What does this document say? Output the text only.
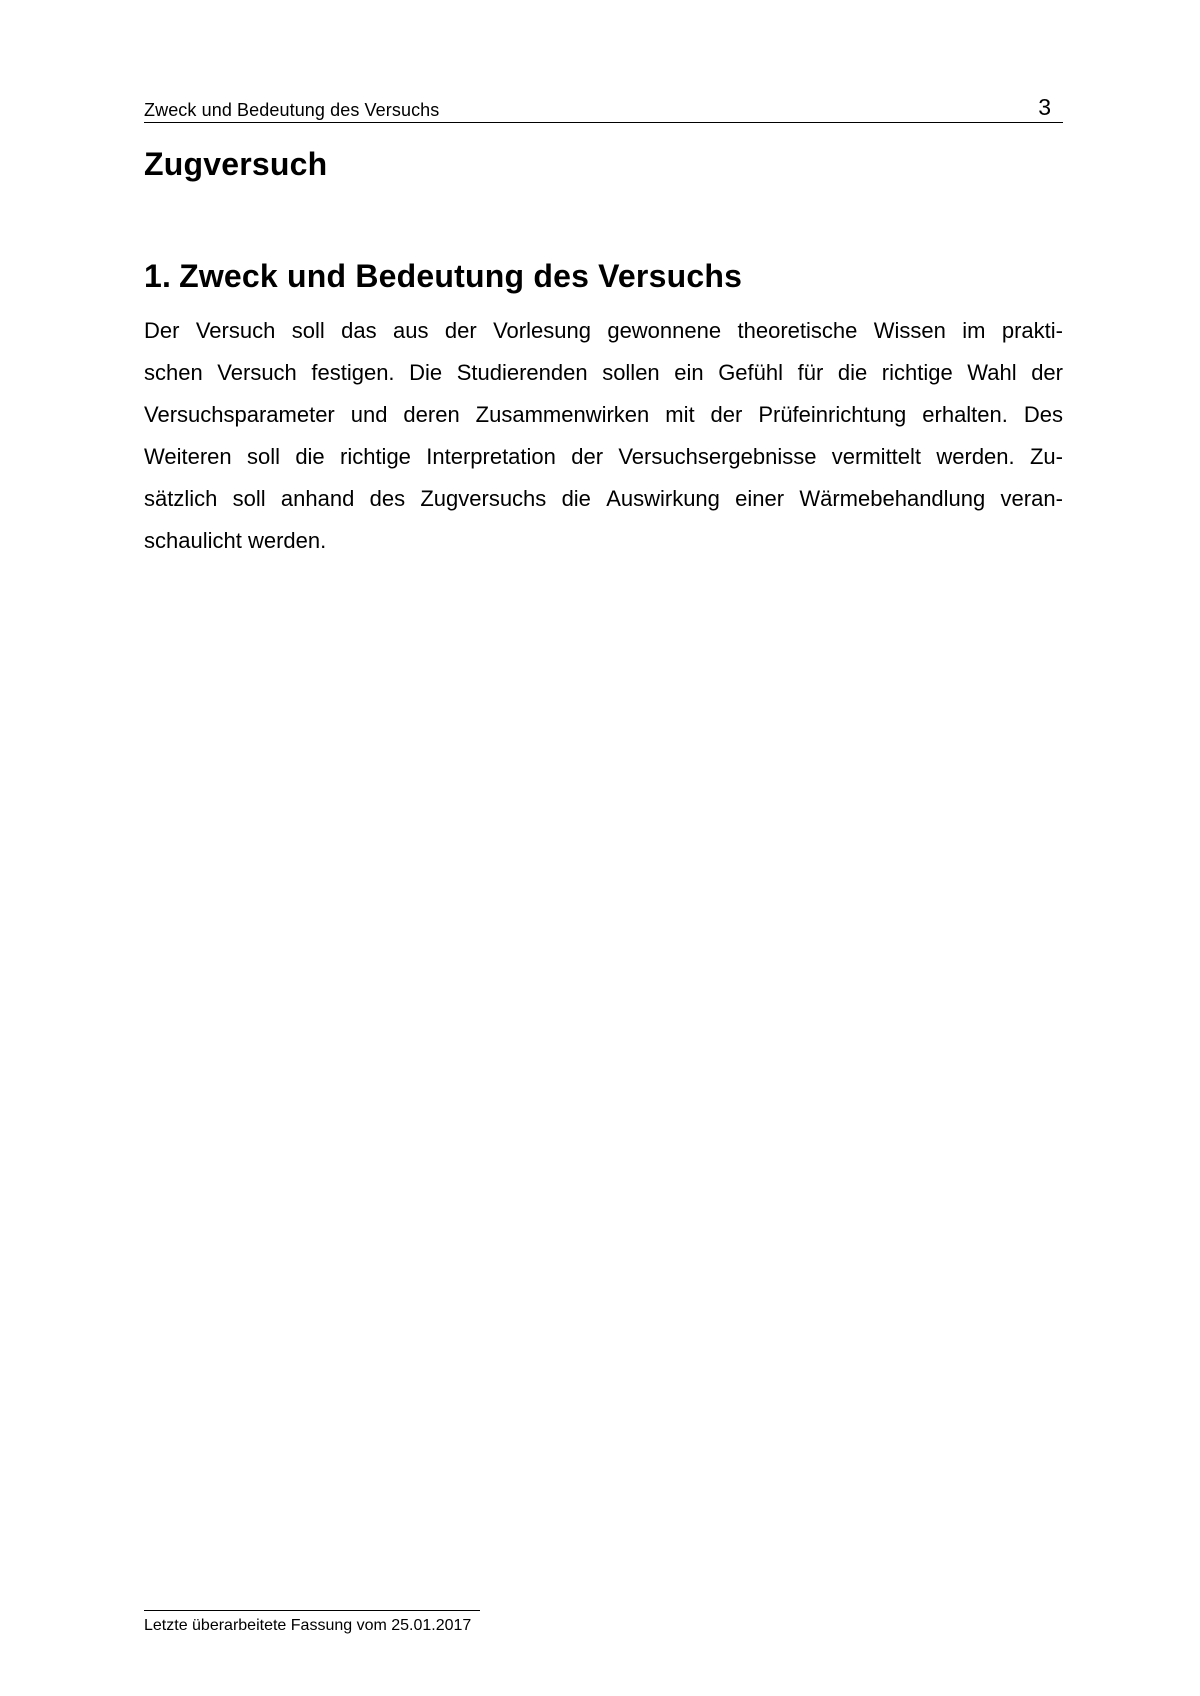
Zweck und Bedeutung des Versuchs	3
Zugversuch
1. Zweck und Bedeutung des Versuchs
Der Versuch soll das aus der Vorlesung gewonnene theoretische Wissen im prakti-
schen Versuch festigen. Die Studierenden sollen ein Gefühl für die richtige Wahl der
Versuchsparameter und deren Zusammenwirken mit der Prüfeinrichtung erhalten. Des
Weiteren soll die richtige Interpretation der Versuchsergebnisse vermittelt werden. Zu-
sätzlich soll anhand des Zugversuchs die Auswirkung einer Wärmebehandlung veran-
schaulicht werden.
Letzte überarbeitete Fassung vom 25.01.2017
